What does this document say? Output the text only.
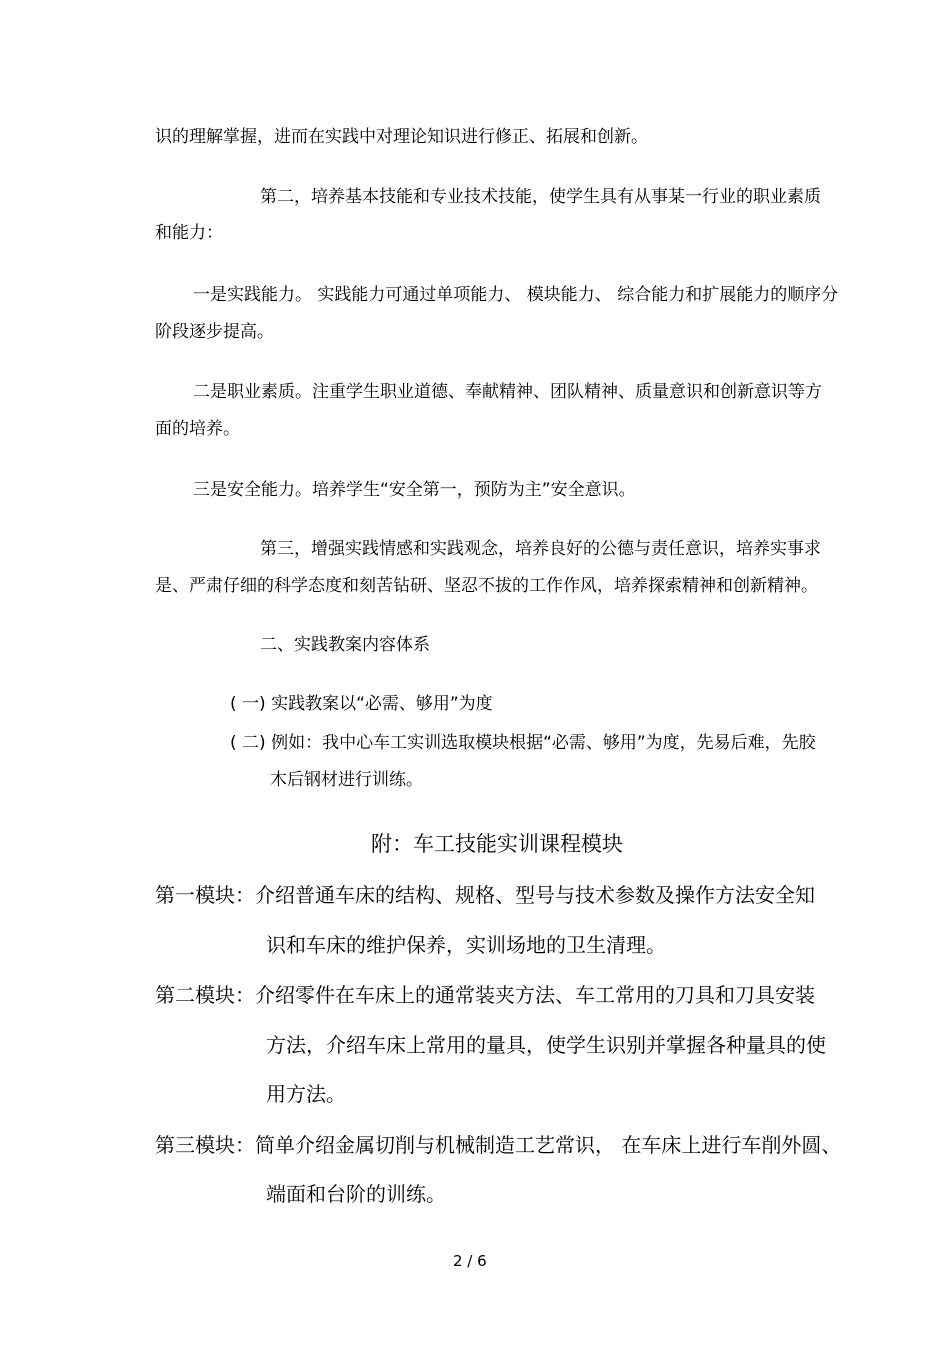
识的理解掌握，进而在实践中对理论知识进行修正、拓展和创新。
第二，培养基本技能和专业技术技能，使学生具有从事某一行业的职业素质
和能力：
一是实践能力。 实践能力可通过单项能力、 模块能力、 综合能力和扩展能力的顺序分
阶段逐步提高。
二是职业素质。注重学生职业道德、奉献精神、团队精神、质量意识和创新意识等方
面的培养。
三是安全能力。培养学生“安全第一，预防为主”安全意识。
第三，增强实践情感和实践观念，培养良好的公德与责任意识，培养实事求
是、严肃仔细的科学态度和刻苦钻研、坚忍不拔的工作作风，培养探索精神和创新精神。
二、实践教案内容体系
( 一) 实践教案以“必需、够用”为度
( 二) 例如：我中心车工实训选取模块根据“必需、够用”为度，先易后难，先胶
木后钢材进行训练。
附：车工技能实训课程模块
第一模块：介绍普通车床的结构、规格、型号与技术参数及操作方法安全知
识和车床的维护保养，实训场地的卫生清理。
第二模块：介绍零件在车床上的通常装夹方法、车工常用的刀具和刀具安装
方法，介绍车床上常用的量具，使学生识别并掌握各种量具的使
用方法。
第三模块：简单介绍金属切削与机械制造工艺常识， 在车床上进行车削外圆、
端面和台阶的训练。
2 / 6
